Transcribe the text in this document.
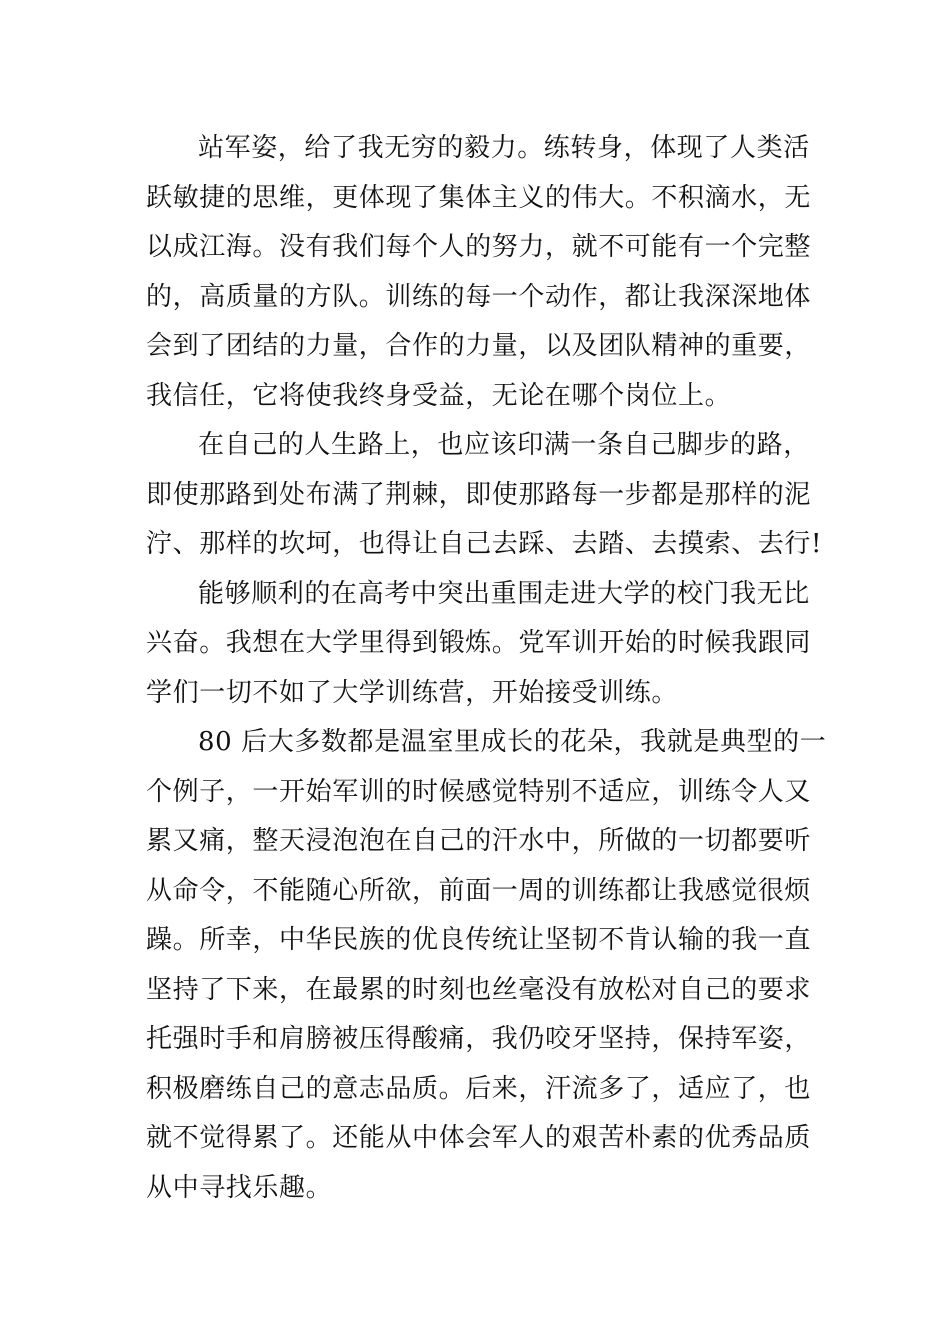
站军姿，给了我无穷的毅力。练转身，体现了人类活
跃敏捷的思维，更体现了集体主义的伟大。不积滴水，无
以成江海。没有我们每个人的努力，就不可能有一个完整
的，高质量的方队。训练的每一个动作，都让我深深地体
会到了团结的力量，合作的力量，以及团队精神的重要，
我信任，它将使我终身受益，无论在哪个岗位上。
在自己的人生路上，也应该印满一条自己脚步的路，
即使那路到处布满了荆棘，即使那路每一步都是那样的泥
泞、那样的坎坷，也得让自己去踩、去踏、去摸索、去行!
能够顺利的在高考中突出重围走进大学的校门我无比
兴奋。我想在大学里得到锻炼。党军训开始的时候我跟同
学们一切不如了大学训练营，开始接受训练。
80 后大多数都是温室里成长的花朵，我就是典型的一
个例子，一开始军训的时候感觉特别不适应，训练令人又
累又痛，整天浸泡泡在自己的汗水中，所做的一切都要听
从命令，不能随心所欲，前面一周的训练都让我感觉很烦
躁。所幸，中华民族的优良传统让坚韧不肯认输的我一直
坚持了下来，在最累的时刻也丝毫没有放松对自己的要求
托强时手和肩膀被压得酸痛，我仍咬牙坚持，保持军姿，
积极磨练自己的意志品质。后来，汗流多了，适应了，也
就不觉得累了。还能从中体会军人的艰苦朴素的优秀品质
从中寻找乐趣。
